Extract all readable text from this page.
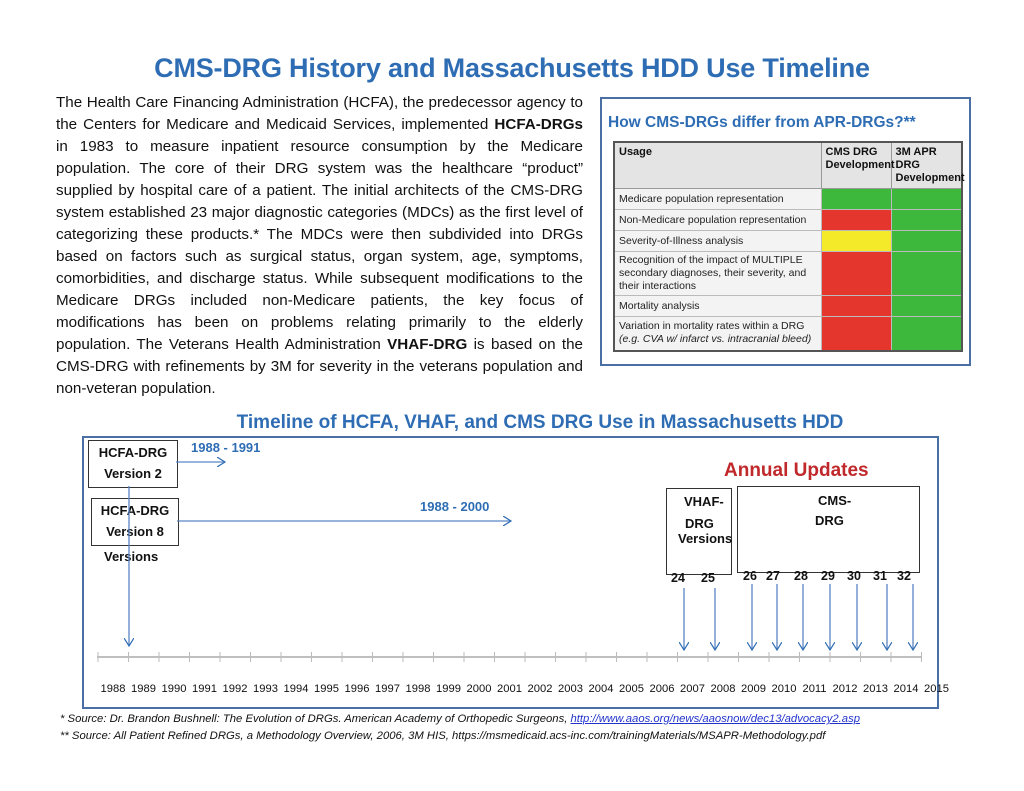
CMS-DRG History and Massachusetts HDD Use Timeline
The Health Care Financing Administration (HCFA), the predecessor agency to the Centers for Medicare and Medicaid Services, implemented HCFA-DRGs in 1983 to measure inpatient resource consumption by the Medicare population. The core of their DRG system was the healthcare “product” supplied by hospital care of a patient. The initial architects of the CMS-DRG system established 23 major diagnostic categories (MDCs) as the first level of categorizing these products.* The MDCs were then subdivided into DRGs based on factors such as surgical status, organ system, age, symptoms, comorbidities, and discharge status. While subsequent modifications to the Medicare DRGs included non-Medicare patients, the key focus of modifications has been on problems relating primarily to the elderly population. The Veterans Health Administration VHAF-DRG is based on the CMS-DRG with refinements by 3M for severity in the veterans population and non-veteran population.
How CMS-DRGs differ from APR-DRGs?**
Usage	CMS DRG Development	3M APR DRG Development
Medicare population representation		
Non-Medicare population representation		
Severity-of-Illness analysis		
Recognition of the impact of MULTIPLE secondary diagnoses, their severity, and their interactions		
Mortality analysis		

Variation in mortality rates within a DRG
(e.g. CVA w/ infarct vs. intracranial bleed)		

Timeline of HCFA, VHAF, and CMS DRG Use in Massachusetts HDD
HCFA-DRG
Version 2
1988 - 1991
HCFA-DRG
Version 8
1988 - 2000
Versions
Annual Updates
VHAF-
DRG
Versions
CMS-
DRG
24 25 26 27 28 29 30 31 32
1988 1989 1990 1991 1992 1993 1994 1995 1996 1997 1998 1999 2000 2001 2002 2003 2004 2005 2006 2007 2008 2009 2010 2011 2012 2013 2014 2015
* Source: Dr. Brandon Bushnell: The Evolution of DRGs. American Academy of Orthopedic Surgeons, http://www.aaos.org/news/aaosnow/dec13/advocacy2.asp
** Source: All Patient Refined DRGs, a Methodology Overview, 2006, 3M HIS, https://msmedicaid.acs-inc.com/trainingMaterials/MSAPR-Methodology.pdf
